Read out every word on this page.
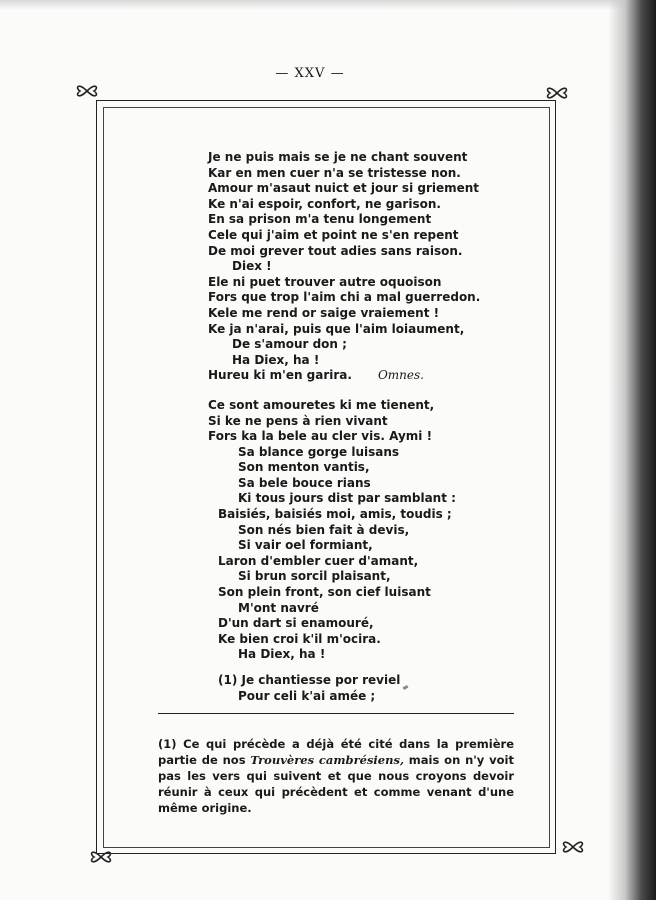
— XXV —
Je ne puis mais se je ne chant souvent
Kar en men cuer n'a se tristesse non.
Amour m'asaut nuict et jour si griement
Ke n'ai espoir, confort, ne garison.
En sa prison m'a tenu longement
Cele qui j'aim et point ne s'en repent
De moi grever tout adies sans raison.
Diex !
Ele ni puet trouver autre oquoison
Fors que trop l'aim chi a mal guerredon.
Kele me rend or saige vraiement !
Ke ja n'arai, puis que l'aim loiaument,
De s'amour don ;
Ha Diex, ha !
Hureu ki m'en garira. Omnes.
Ce sont amouretes ki me tienent,
Si ke ne pens à rien vivant
Fors ka la bele au cler vis. Aymi !
Sa blance gorge luisans
Son menton vantis,
Sa bele bouce rians
Ki tous jours dist par samblant :
Baisiés, baisiés moi, amis, toudis ;
Son nés bien fait à devis,
Si vair oel formiant,
Laron d'embler cuer d'amant,
Si brun sorcil plaisant,
Son plein front, son cief luisant
M'ont navré
D'un dart si enamouré,
Ke bien croi k'il m'ocira.
Ha Diex, ha !
(1) Je chantiesse por reviel
Pour celi k'ai amée ;
(1) Ce qui précède a déjà été cité dans la première partie de nos Trouvères cambrésiens, mais on n'y voit pas les vers qui suivent et que nous croyons devoir réunir à ceux qui précèdent et comme venant d'une même origine.
